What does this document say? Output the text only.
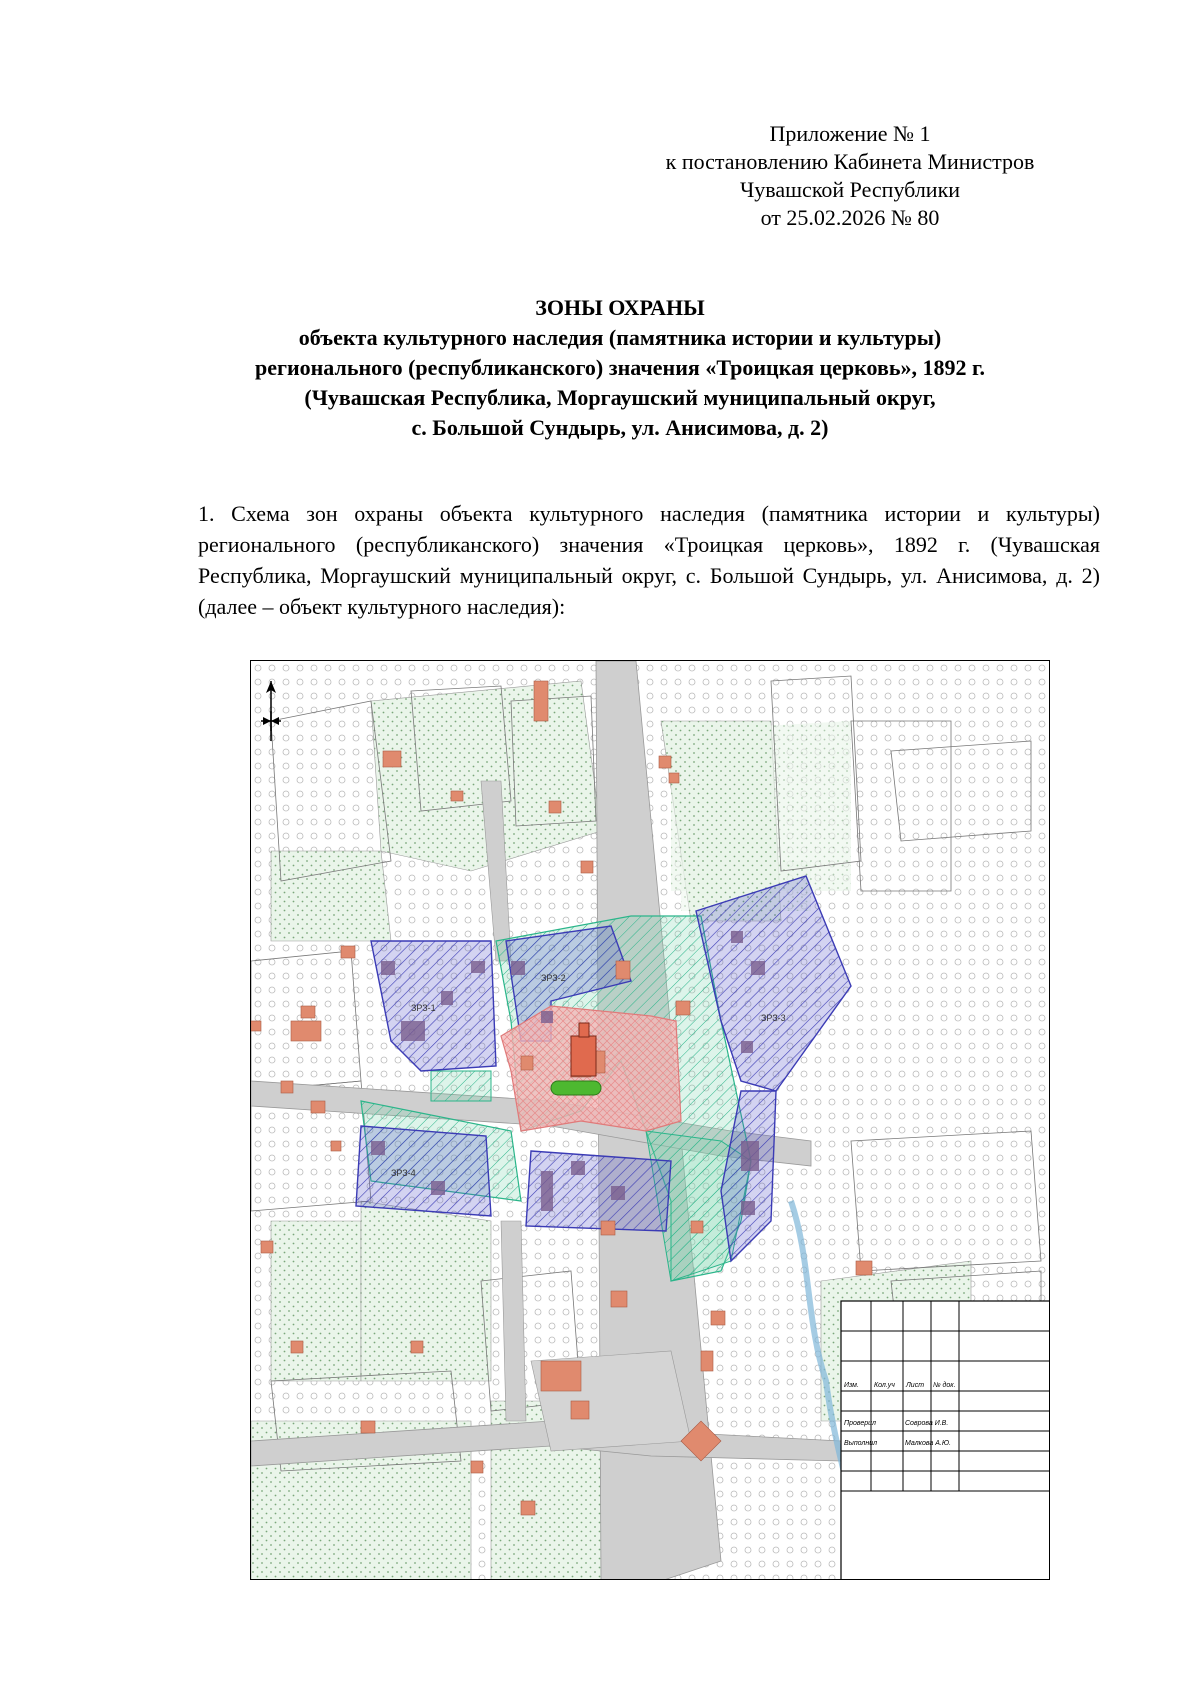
Приложение № 1
к постановлению Кабинета Министров
Чувашской Республики
от 25.02.2026 № 80
ЗОНЫ ОХРАНЫ
объекта культурного наследия (памятника истории и культуры)
регионального (республиканского) значения «Троицкая церковь», 1892 г.
(Чувашская Республика, Моргаушский муниципальный округ,
с. Большой Сундырь, ул. Анисимова, д. 2)
1. Схема зон охраны объекта культурного наследия (памятника истории и культуры) регионального (республиканского) значения «Троицкая церковь», 1892 г. (Чувашская Республика, Моргаушский муниципальный округ, с. Большой Сундырь, ул. Анисимова, д. 2) (далее – объект культурного наследия):
ЗРЗ-1
ЗРЗ-2
ЗРЗ-3
ЗРЗ-4
Изм. Кол.уч Лист № док.
Проверил	Соврова И.В.
Выполнил	Малкова А.Ю.
